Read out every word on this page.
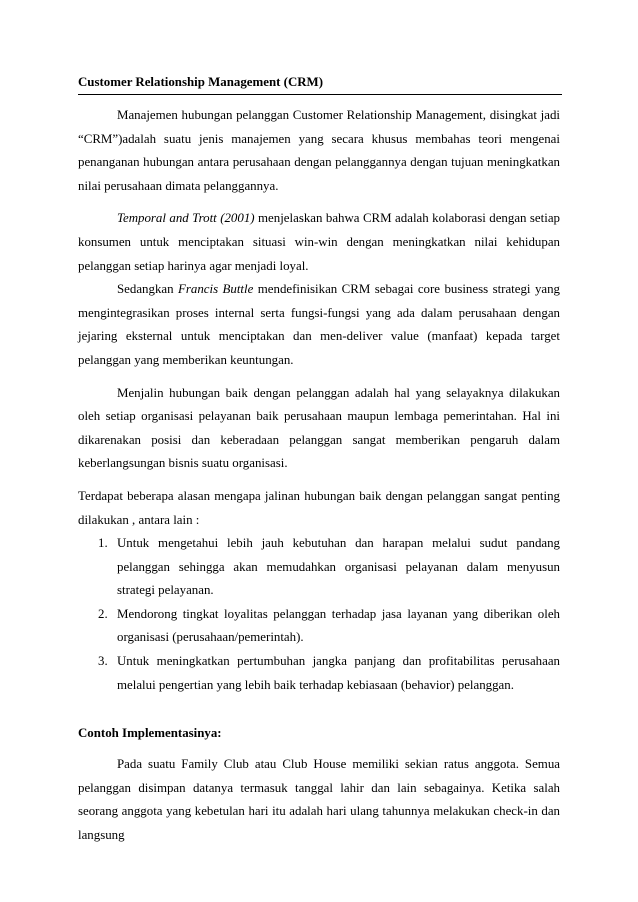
Customer Relationship Management (CRM)

Manajemen hubungan pelanggan Customer Relationship Management, disingkat jadi “CRM”)adalah suatu jenis manajemen yang secara khusus membahas teori mengenai penanganan hubungan antara perusahaan dengan pelanggannya dengan tujuan meningkatkan nilai perusahaan dimata pelanggannya.

Temporal and Trott (2001) menjelaskan bahwa CRM adalah kolaborasi dengan setiap konsumen untuk menciptakan situasi win-win dengan meningkatkan nilai kehidupan pelanggan setiap harinya agar menjadi loyal.

Sedangkan Francis Buttle mendefinisikan CRM sebagai core business strategi yang mengintegrasikan proses internal serta fungsi-fungsi yang ada dalam perusahaan dengan jejaring eksternal untuk menciptakan dan men-deliver value (manfaat) kepada target pelanggan yang memberikan keuntungan.

Menjalin hubungan baik dengan pelanggan adalah hal yang selayaknya dilakukan oleh setiap organisasi pelayanan baik perusahaan maupun lembaga pemerintahan. Hal ini dikarenakan posisi dan keberadaan pelanggan sangat memberikan pengaruh dalam keberlangsungan bisnis suatu organisasi.

Terdapat beberapa alasan mengapa jalinan hubungan baik dengan pelanggan sangat penting dilakukan , antara lain :

1. Untuk mengetahui lebih jauh kebutuhan dan harapan melalui sudut pandang pelanggan sehingga akan memudahkan organisasi pelayanan dalam menyusun strategi pelayanan.
2. Mendorong tingkat loyalitas pelanggan terhadap jasa layanan yang diberikan oleh organisasi (perusahaan/pemerintah).
3. Untuk meningkatkan pertumbuhan jangka panjang dan profitabilitas perusahaan melalui pengertian yang lebih baik terhadap kebiasaan (behavior) pelanggan.
Contoh Implementasinya:

Pada suatu Family Club atau Club House memiliki sekian ratus anggota. Semua pelanggan disimpan datanya termasuk tanggal lahir dan lain sebagainya. Ketika salah seorang anggota yang kebetulan hari itu adalah hari ulang tahunnya melakukan check-in dan langsung
